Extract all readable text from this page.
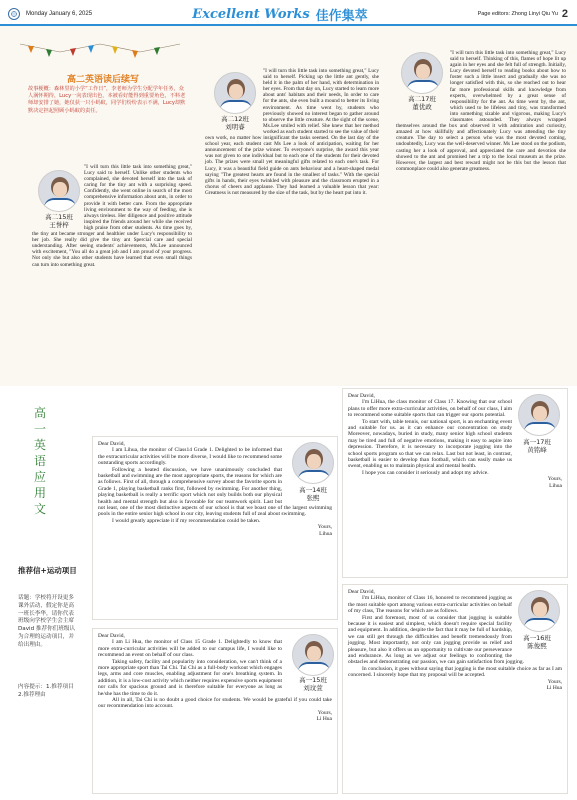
Monday January 6, 2025	Excellent Works 佳作集萃	Page editors: Zhong Linyi Qiu Yu 2
高二英语读后续写
故事梗概：森林里的小学“工作日”，李老师为学生分配学年任务，众人满怀期待，Lucy一向表现出色，本被看好能得到重要角色，不料老师却安排了她，她仅获一只小蚂蚁，同学们纷纷表示不满，Lucy却默默决定担起照顾小蚂蚁的责任。
高二15班
王誉梓
"I will turn this little task into something great," Lucy said to herself. Unlike other students who complained, she devoted herself into the task of caring for the tiny ant with a surprising speed. Confidently, she went online in search of the most comprehensive information about ants, in order to provide it with better care. From the appropriate living environment to the way of feeding, she is always tireless. Her diligence and positive attitude inspired the friends around her while she received high praise from other students. As time goes by, the tiny ant became stronger and healthier under Lucy's responsibility to her job. She really did give the tiny ant Spercial care and special understanding. After seeing students' achievements, Ms.Lee announced with excitement, "You all do a great job and I am proud of your progress. Not only she but also other students have learned that even small things can turn into something great.
高二12班
刘明睿
"I will turn this little task into something great," Lucy said to herself. Picking up the little ant gently, she held it in the palm of her hand, with determination in her eyes. From that day on, Lucy started to learn more about ants' habitats and their needs, In order to care for the ants, she even built a mound to better its living environment. As time went by, students who previously showed no interest began to gather around to observe the little creature. At the sight of the scene, Ms.Lee smiled with relief. She knew that her method worked as each student started to see the value of their own work, no matter how insignificant the tasks seemed. On the last day of the school year, each student cast Ms Lee a look of anticipation, waiting for her announcement of the prize winner. To everyone's surprise, the award this year was not given to one individual but to each one of the students for their devoted job. The prizes were small yet meaningful gifts related to each one's task. For Lucy, it was a beautiful field guide on ants behaviour and a heart-shaped medal saying "The greatest hearts are found in the smallest of tasks." With the special gifts in hands, their eyes twinkled with pleasure and the classroom erupted in a chorus of cheers and applause. They had learned a valuable lesson that year: Greatness is not measured by the size of the task, but by the heart put into it.
高二17班
董优政
"I will turn this little task into something great," Lucy said to herself. Thinking of this, flames of hope lit up again in her eyes and she felt full of strength. Initially, Lucy devoted herself to reading books about how to foster such a little insect and gradually she was no longer satisfied with this, so she reached out to hear far more professional skills and knowledge from experts, overwhelmed by a great sense of responsibility for the ant. As time went by, the ant, which used to be lifeless and tiny, was transformed into something sizable and vigorous, making Lucy's classmates astounded. They always wrapped themselves around the box and observed it with admiration and curiosity, amazed at how skillfully and affectionately Lucy was attending the tiny creature. The day to select a person who was the most devoted coming, undoubtedly, Lucy was the well-deserved winner. Ms Lee stood on the podium, casting her a look of approval, and appreciated the care and devotion she showed to the ant and promised her a trip to the local museum as the prize. However, the largest and best reward might not be this but the lesson that commonplace could also generate greatness.
高一英语应用文
推荐信+运动项目
话题：学校将开设更多课外活动，假定你是高一班长李华，请你代表班级向学校学生会主席 David 推荐你们班级认为合理的运动项目，并给出理由。
内容提示：1.推荐项目 2.推荐理由

Dear David,

I am Lihua, the monitor of Class14 Grade 1. Delighted to be informed that the extracurricular activities will be more diverse, I would like to recommend some outstanding sports accordingly.

Following a heated discussion, we have unanimously concluded that basketball and swimming are the most appropriate sports, the reasons for which are as follows. First of all, through a comprehensive survey about the favorite sports in Grade 1, playing basketball ranks first, followed by swimming. For another thing, playing basketball is really a terrific sport which not only builds both our physical health and mental strength but also is favorable for our teamwork spirit. Last but not least, one of the most distinctive aspects of our school is that we boast one of the largest swimming pools in the entire senior high school in our city, leaving students full of zeal about swimming.

I would greatly appreciate it if my recommendation could be taken.

Yours,

Lihua

高一14班
张熙

Dear David,

I am Li Hua, the monitor of Class 15 Grade 1. Delightedly to know that more extra-curricular activities will be added to our campus life, I would like to recommend an event on behalf of our class.

Taking safety, facility and popularity into consideration, we can't think of a more appropriate sport than Tai Chi. Tai Chi as a full-body workout which engages legs, arms and core muscles, enabling adjustment for one's breathing system. In addition, it is a low-cost activity which neither requires expensive sports equipment nor calls for spacious ground and is therefore suitable for everyone as long as he/she has the time to do it.

All in all, Tai Chi is no doubt a good choice for students. We would be grateful if you could take our recommendation into account.

Yours,

Li Hua

高一15班
刘玟萱

Dear David,

I'm LiHua, the class monitor of Class 17. Knowing that our school plans to offer more extra-curricular activities, on behalf of our class, I aim to recommend some suitable sports that can trigger our sports potential.

To start with, table tennis, our national sport, is an enchanting event and suitable for us. as it can enhance our concentration on study Moreover, nowadays, buried in study, many senior high school students may be tired and full of negative emotions, making it easy to aspire into depression. Therefore, it is necessary to incorporate jogging into the school sports program so that we can relax. Last but not least, in contrast, basketball is easier to develop than football, which can easily make us sweat, enabling us to maintain physical and mental health.

I hope you can consider it seriously and adopt my advice.

Yours,

Lihua

高一17班
黄铭峰

Dear David,

I'm LiHua, monitor of Class 16, honored to recommend jogging as the most suitable sport among various extra-curricular activities on behalf of my class, The reasons for which are as follows.

First and foremost, most of us consider that jogging is suitable because it is easiest and simplest, which doesn't require special facility and equipment. In addition, despite the fact that it may be full of hardship, we can still get through the difficulties and benefit tremendously from jogging. Most importantly, not only can jogging provide us relief and pleasure, but also it offers us an opportunity to cultivate our perseverance and endurance. As long as we adjust our feelings to confronting the obstacles and demonstrating our passion, we can gain satisfaction from jogging.

In conclusion, it goes without saying that jogging is the most suitable choice as far as I am concerned. I sincerely hope that my proposal will be accepted.

Yours,

Li Hua

高一16班
陈俊熙
